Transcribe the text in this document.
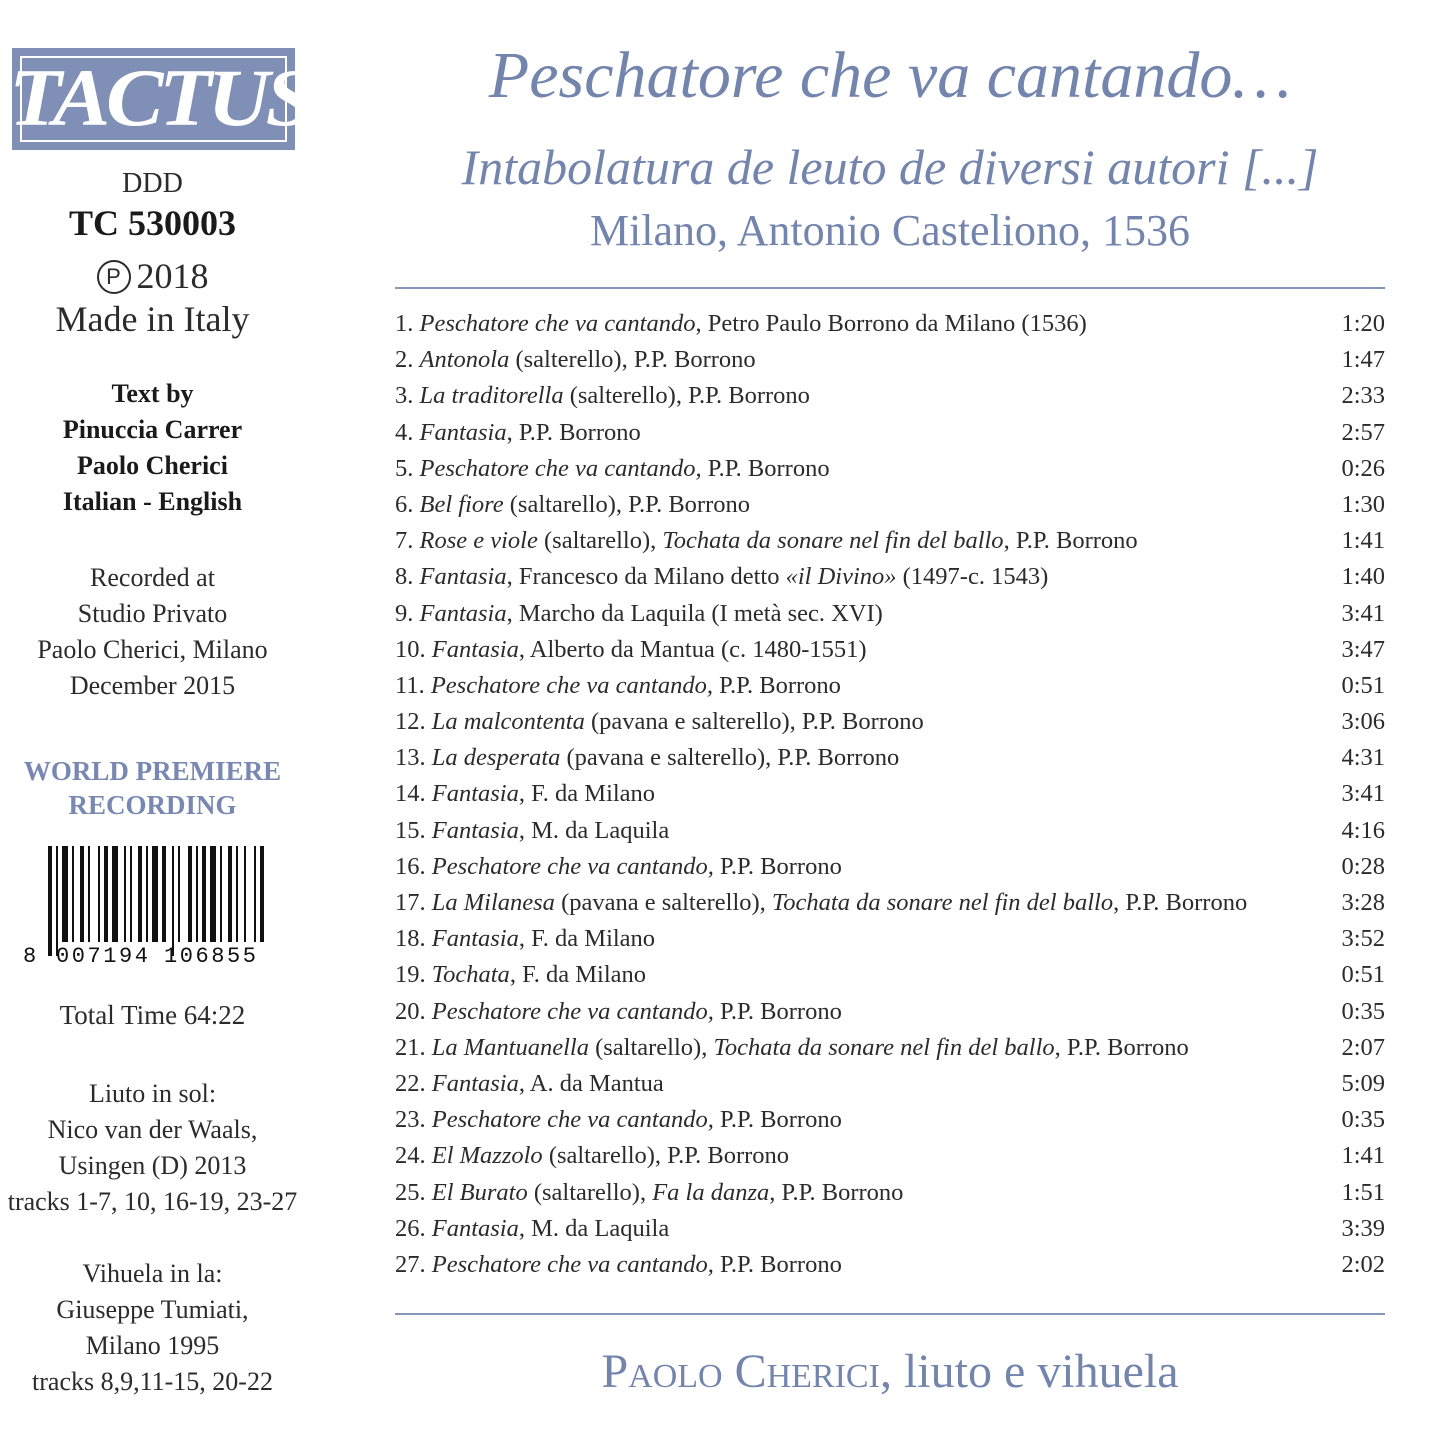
TACTUS
DDD
TC 530003
P 2018
Made in Italy
Text by
Pinuccia Carrer
Paolo Cherici
Italian - English
Recorded at
Studio Privato
Paolo Cherici, Milano
December 2015
WORLD PREMIERE
RECORDING
8 007194 106855
Total Time 64:22
Liuto in sol:
Nico van der Waals,
Usingen (D) 2013
tracks 1-7, 10, 16-19, 23-27
Vihuela in la:
Giuseppe Tumiati,
Milano 1995
tracks 8,9,11-15, 20-22
Peschatore che va cantando…
Intabolatura de leuto de diversi autori [...]
Milano, Antonio Casteliono, 1536
1. Peschatore che va cantando, Petro Paulo Borrono da Milano (1536)	1:20
2. Antonola (salterello), P.P. Borrono	1:47
3. La traditorella (salterello), P.P. Borrono	2:33
4. Fantasia, P.P. Borrono	2:57
5. Peschatore che va cantando, P.P. Borrono	0:26
6. Bel fiore (saltarello), P.P. Borrono	1:30
7. Rose e viole (saltarello), Tochata da sonare nel fin del ballo, P.P. Borrono	1:41
8. Fantasia, Francesco da Milano detto «il Divino» (1497-c. 1543)	1:40
9. Fantasia, Marcho da Laquila (I metà sec. XVI)	3:41
10. Fantasia, Alberto da Mantua (c. 1480-1551)	3:47
11. Peschatore che va cantando, P.P. Borrono	0:51
12. La malcontenta (pavana e salterello), P.P. Borrono	3:06
13. La desperata (pavana e salterello), P.P. Borrono	4:31
14. Fantasia, F. da Milano	3:41
15. Fantasia, M. da Laquila	4:16
16. Peschatore che va cantando, P.P. Borrono	0:28
17. La Milanesa (pavana e salterello), Tochata da sonare nel fin del ballo, P.P. Borrono	3:28
18. Fantasia, F. da Milano	3:52
19. Tochata, F. da Milano	0:51
20. Peschatore che va cantando, P.P. Borrono	0:35
21. La Mantuanella (saltarello), Tochata da sonare nel fin del ballo, P.P. Borrono	2:07
22. Fantasia, A. da Mantua	5:09
23. Peschatore che va cantando, P.P. Borrono	0:35
24. El Mazzolo (saltarello), P.P. Borrono	1:41
25. El Burato (saltarello), Fa la danza, P.P. Borrono	1:51
26. Fantasia, M. da Laquila	3:39
27. Peschatore che va cantando, P.P. Borrono	2:02
Paolo Cherici, liuto e vihuela
